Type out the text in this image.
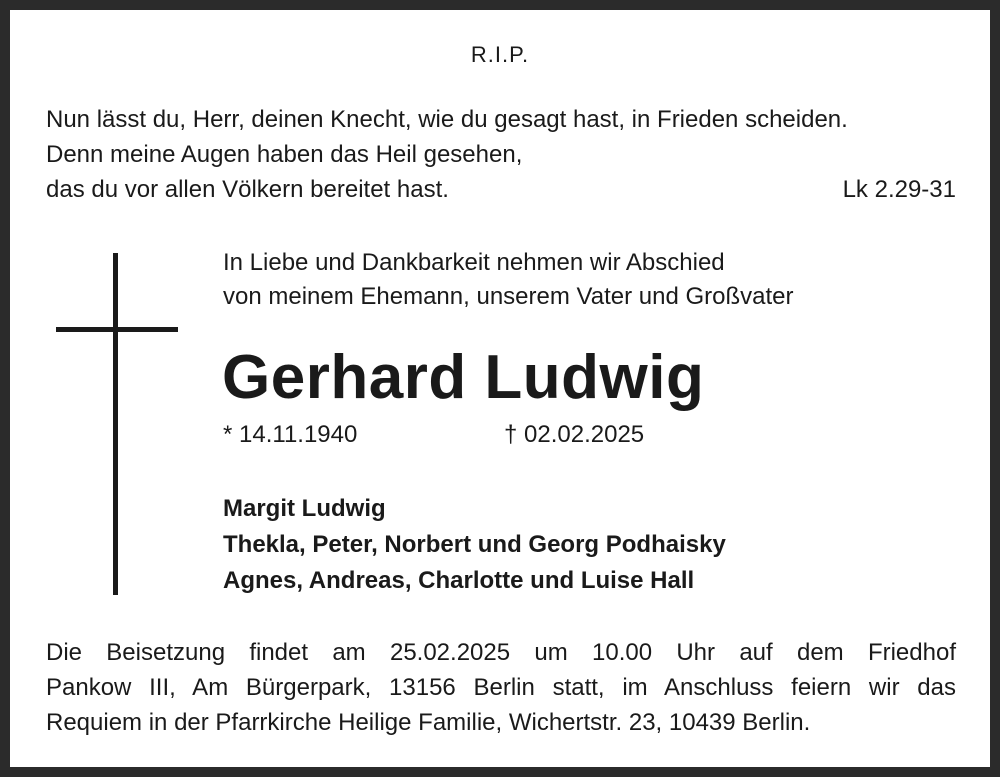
R.I.P.
Nun lässt du, Herr, deinen Knecht, wie du gesagt hast, in Frieden scheiden.
Denn meine Augen haben das Heil gesehen,
das du vor allen Völkern bereitet hast.	Lk 2.29-31
In Liebe und Dankbarkeit nehmen wir Abschied
von meinem Ehemann, unserem Vater und Großvater
Gerhard Ludwig
* 14.11.1940	† 02.02.2025
Margit Ludwig
Thekla, Peter, Norbert und Georg Podhaisky
Agnes, Andreas, Charlotte und Luise Hall
Die Beisetzung findet am 25.02.2025 um 10.00 Uhr auf dem Friedhof
Pankow III, Am Bürgerpark, 13156 Berlin statt, im Anschluss feiern wir das
Requiem in der Pfarrkirche Heilige Familie, Wichertstr. 23, 10439 Berlin.
